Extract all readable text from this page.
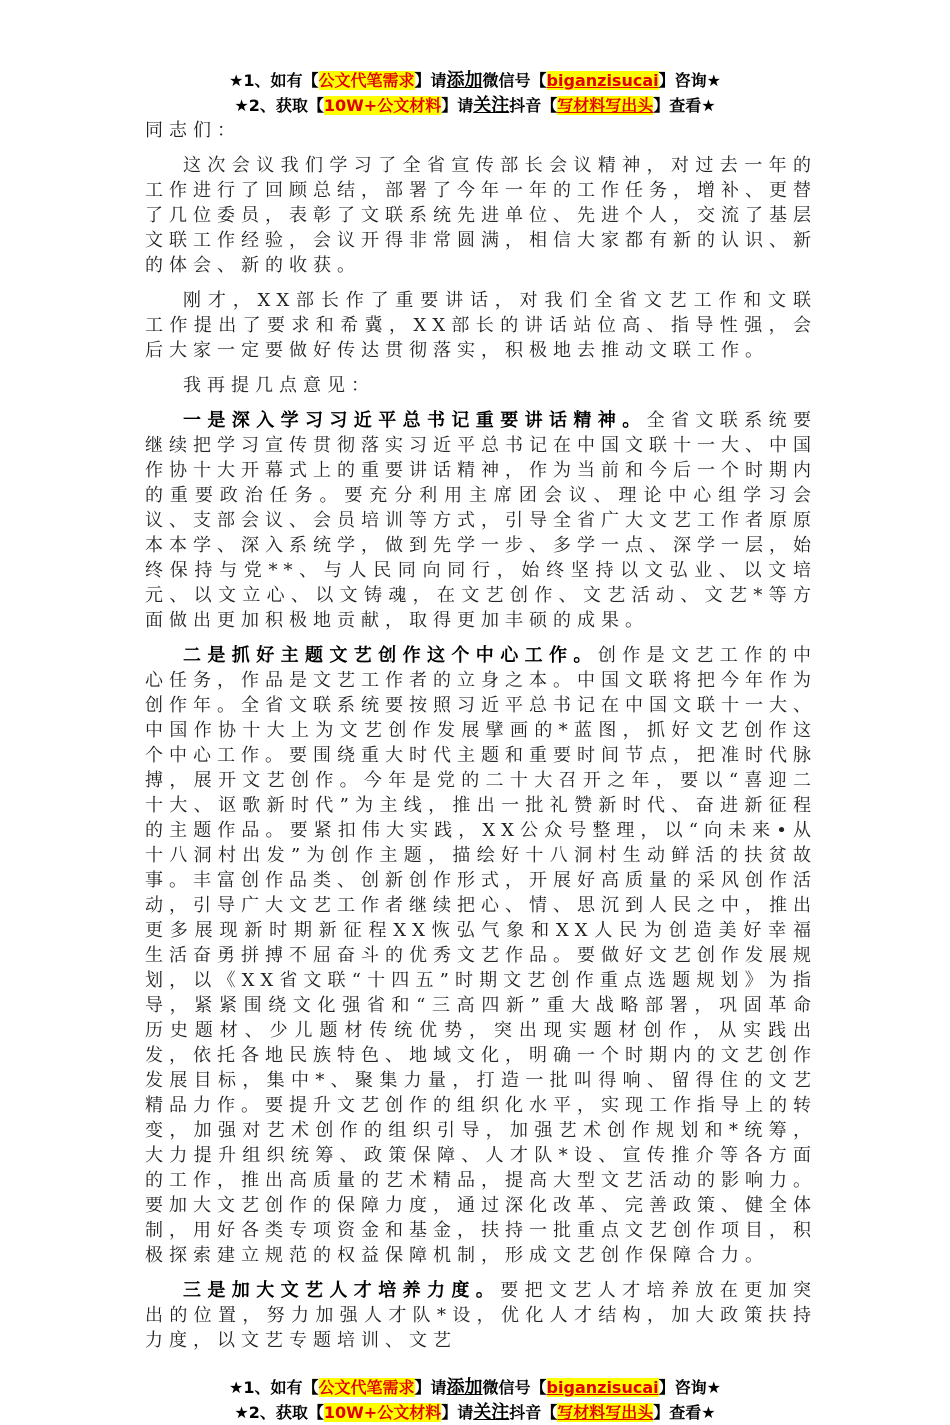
★1、如有【公文代笔需求】请添加微信号【biganzisucai】咨询★
★2、获取【10W+公文材料】请关注抖音【写材料写出头】查看★

同志们：

这次会议我们学习了全省宣传部长会议精神，对过去一年的工作进行了回顾总结，部署了今年一年的工作任务，增补、更替了几位委员，表彰了文联系统先进单位、先进个人，交流了基层文联工作经验，会议开得非常圆满，相信大家都有新的认识、新的体会、新的收获。

刚才，XX部长作了重要讲话，对我们全省文艺工作和文联工作提出了要求和希冀，XX部长的讲话站位高、指导性强，会后大家一定要做好传达贯彻落实，积极地去推动文联工作。

我再提几点意见：

一是深入学习习近平总书记重要讲话精神。全省文联系统要继续把学习宣传贯彻落实习近平总书记在中国文联十一大、中国作协十大开幕式上的重要讲话精神，作为当前和今后一个时期内的重要政治任务。要充分利用主席团会议、理论中心组学习会议、支部会议、会员培训等方式，引导全省广大文艺工作者原原本本学、深入系统学，做到先学一步、多学一点、深学一层，始终保持与党**、与人民同向同行，始终坚持以文弘业、以文培元、以文立心、以文铸魂，在文艺创作、文艺活动、文艺*等方面做出更加积极地贡献，取得更加丰硕的成果。

二是抓好主题文艺创作这个中心工作。创作是文艺工作的中心任务，作品是文艺工作者的立身之本。中国文联将把今年作为创作年。全省文联系统要按照习近平总书记在中国文联十一大、中国作协十大上为文艺创作发展擘画的*蓝图，抓好文艺创作这个中心工作。要围绕重大时代主题和重要时间节点，把准时代脉搏，展开文艺创作。今年是党的二十大召开之年，要以“喜迎二十大、讴歌新时代”为主线，推出一批礼赞新时代、奋进新征程的主题作品。要紧扣伟大实践，XX公众号整理，以“向未来•从十八洞村出发”为创作主题，描绘好十八洞村生动鲜活的扶贫故事。丰富创作品类、创新创作形式，开展好高质量的采风创作活动，引导广大文艺工作者继续把心、情、思沉到人民之中，推出更多展现新时期新征程XX恢弘气象和XX人民为创造美好幸福生活奋勇拼搏不屈奋斗的优秀文艺作品。要做好文艺创作发展规划，以《XX省文联“十四五”时期文艺创作重点选题规划》为指导，紧紧围绕文化强省和“三高四新”重大战略部署，巩固革命历史题材、少儿题材传统优势，突出现实题材创作，从实践出发，依托各地民族特色、地域文化，明确一个时期内的文艺创作发展目标，集中*、聚集力量，打造一批叫得响、留得住的文艺精品力作。要提升文艺创作的组织化水平，实现工作指导上的转变，加强对艺术创作的组织引导，加强艺术创作规划和*统筹，大力提升组织统筹、政策保障、人才队*设、宣传推介等各方面的工作，推出高质量的艺术精品，提高大型文艺活动的影响力。要加大文艺创作的保障力度，通过深化改革、完善政策、健全体制，用好各类专项资金和基金，扶持一批重点文艺创作项目，积极探索建立规范的权益保障机制，形成文艺创作保障合力。

三是加大文艺人才培养力度。要把文艺人才培养放在更加突出的位置，努力加强人才队*设，优化人才结构，加大政策扶持力度，以文艺专题培训、文艺

★1、如有【公文代笔需求】请添加微信号【biganzisucai】咨询★
★2、获取【10W+公文材料】请关注抖音【写材料写出头】查看★
